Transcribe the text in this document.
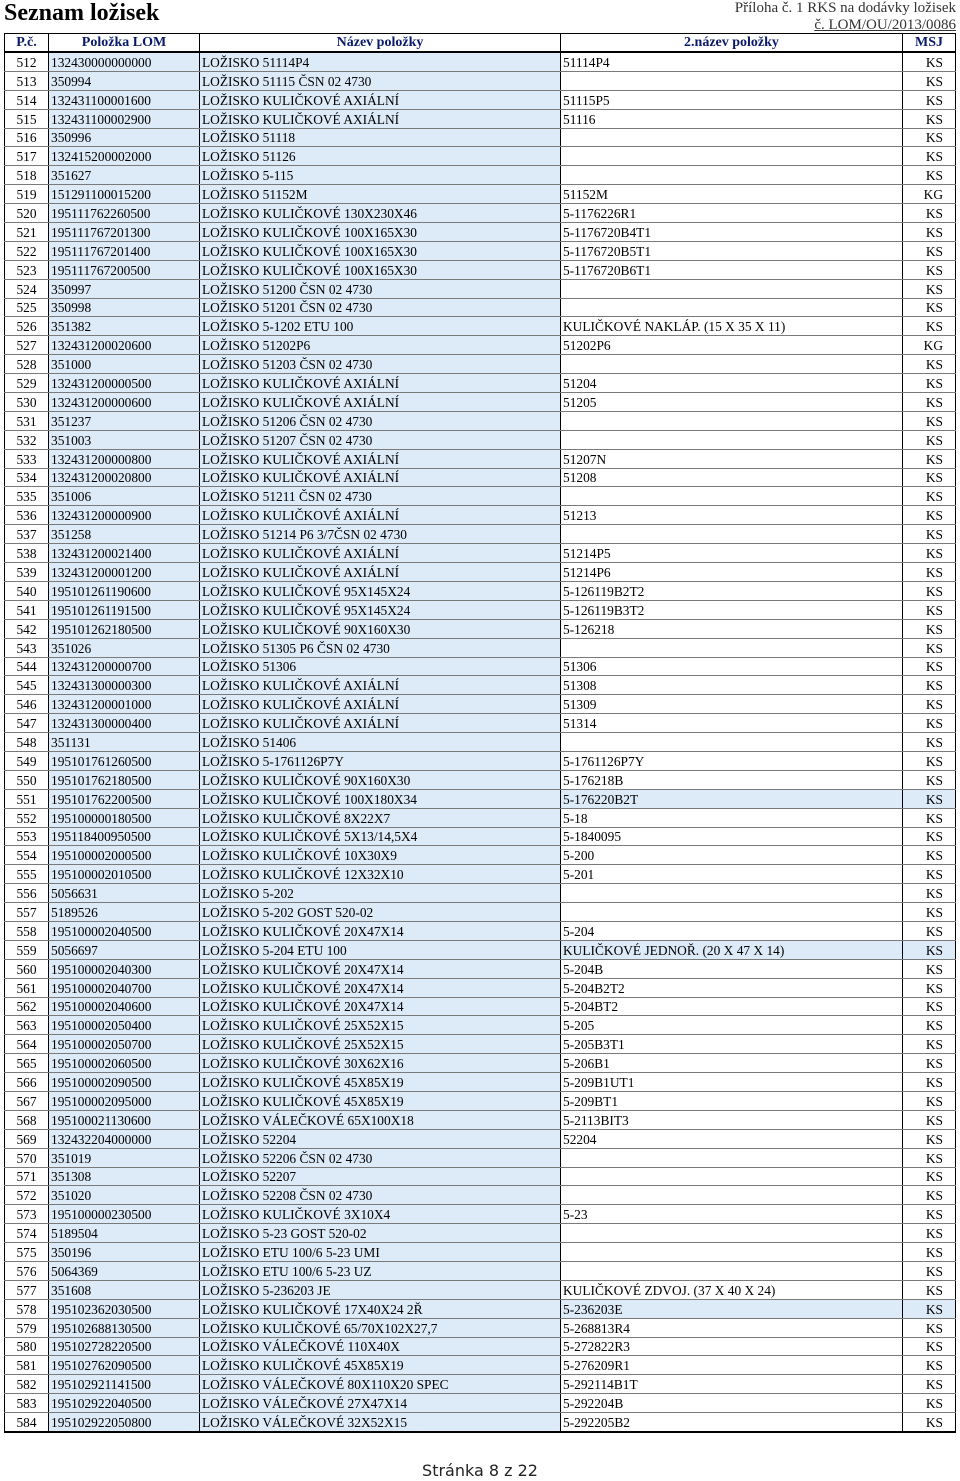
Seznam ložisek	Příloha č. 1 RKS na dodávky ložisek
č. LOM/OU/2013/0086
P.č.	Položka LOM	Název položky	2.název položky	MSJ
512	132430000000000	LOŽISKO 51114P4	51114P4	KS
513	350994	LOŽISKO 51115 ČSN 02 4730		KS
514	132431100001600	LOŽISKO KULIČKOVÉ AXIÁLNÍ	51115P5	KS
515	132431100002900	LOŽISKO KULIČKOVÉ AXIÁLNÍ	51116	KS
516	350996	LOŽISKO 51118		KS
517	132415200002000	LOŽISKO 51126		KS
518	351627	LOŽISKO 5-115		KS
519	151291100015200	LOŽISKO 51152M	51152M	KG
520	195111762260500	LOŽISKO KULIČKOVÉ 130X230X46	5-1176226R1	KS
521	195111767201300	LOŽISKO KULIČKOVÉ 100X165X30	5-1176720B4T1	KS
522	195111767201400	LOŽISKO KULIČKOVÉ 100X165X30	5-1176720B5T1	KS
523	195111767200500	LOŽISKO KULIČKOVÉ 100X165X30	5-1176720B6T1	KS
524	350997	LOŽISKO 51200 ČSN 02 4730		KS
525	350998	LOŽISKO 51201 ČSN 02 4730		KS
526	351382	LOŽISKO 5-1202 ETU 100	KULIČKOVÉ NAKLÁP. (15 X 35 X 11)	KS
527	132431200020600	LOŽISKO 51202P6	51202P6	KG
528	351000	LOŽISKO 51203 ČSN 02 4730		KS
529	132431200000500	LOŽISKO KULIČKOVÉ AXIÁLNÍ	51204	KS
530	132431200000600	LOŽISKO KULIČKOVÉ AXIÁLNÍ	51205	KS
531	351237	LOŽISKO 51206 ČSN 02 4730		KS
532	351003	LOŽISKO 51207 ČSN 02 4730		KS
533	132431200000800	LOŽISKO KULIČKOVÉ AXIÁLNÍ	51207N	KS
534	132431200020800	LOŽISKO KULIČKOVÉ AXIÁLNÍ	51208	KS
535	351006	LOŽISKO 51211 ČSN 02 4730		KS
536	132431200000900	LOŽISKO KULIČKOVÉ AXIÁLNÍ	51213	KS
537	351258	LOŽISKO 51214 P6 3/7ČSN 02 4730		KS
538	132431200021400	LOŽISKO KULIČKOVÉ AXIÁLNÍ	51214P5	KS
539	132431200001200	LOŽISKO KULIČKOVÉ AXIÁLNÍ	51214P6	KS
540	195101261190600	LOŽISKO KULIČKOVÉ 95X145X24	5-126119B2T2	KS
541	195101261191500	LOŽISKO KULIČKOVÉ 95X145X24	5-126119B3T2	KS
542	195101262180500	LOŽISKO KULIČKOVÉ 90X160X30	5-126218	KS
543	351026	LOŽISKO 51305 P6 ČSN 02 4730		KS
544	132431200000700	LOŽISKO 51306	51306	KS
545	132431300000300	LOŽISKO KULIČKOVÉ AXIÁLNÍ	51308	KS
546	132431200001000	LOŽISKO KULIČKOVÉ AXIÁLNÍ	51309	KS
547	132431300000400	LOŽISKO KULIČKOVÉ AXIÁLNÍ	51314	KS
548	351131	LOŽISKO 51406		KS
549	195101761260500	LOŽISKO 5-1761126P7Y	5-1761126P7Y	KS
550	195101762180500	LOŽISKO KULIČKOVÉ 90X160X30	5-176218B	KS
551	195101762200500	LOŽISKO KULIČKOVÉ 100X180X34	5-176220B2T	KS
552	195100000180500	LOŽISKO KULIČKOVÉ 8X22X7	5-18	KS
553	195118400950500	LOŽISKO KULIČKOVÉ 5X13/14,5X4	5-1840095	KS
554	195100002000500	LOŽISKO KULIČKOVÉ 10X30X9	5-200	KS
555	195100002010500	LOŽISKO KULIČKOVÉ 12X32X10	5-201	KS
556	5056631	LOŽISKO 5-202		KS
557	5189526	LOŽISKO 5-202 GOST 520-02		KS
558	195100002040500	LOŽISKO KULIČKOVÉ 20X47X14	5-204	KS
559	5056697	LOŽISKO 5-204 ETU 100	KULIČKOVÉ JEDNOŘ. (20 X 47 X 14)	KS
560	195100002040300	LOŽISKO KULIČKOVÉ 20X47X14	5-204B	KS
561	195100002040700	LOŽISKO KULIČKOVÉ 20X47X14	5-204B2T2	KS
562	195100002040600	LOŽISKO KULIČKOVÉ 20X47X14	5-204BT2	KS
563	195100002050400	LOŽISKO KULIČKOVÉ 25X52X15	5-205	KS
564	195100002050700	LOŽISKO KULIČKOVÉ 25X52X15	5-205B3T1	KS
565	195100002060500	LOŽISKO KULIČKOVÉ 30X62X16	5-206B1	KS
566	195100002090500	LOŽISKO KULIČKOVÉ 45X85X19	5-209B1UT1	KS
567	195100002095000	LOŽISKO KULIČKOVÉ 45X85X19	5-209BT1	KS
568	195100021130600	LOŽISKO VÁLEČKOVÉ 65X100X18	5-2113BIT3	KS
569	132432204000000	LOŽISKO 52204	52204	KS
570	351019	LOŽISKO 52206 ČSN 02 4730		KS
571	351308	LOŽISKO 52207		KS
572	351020	LOŽISKO 52208 ČSN 02 4730		KS
573	195100000230500	LOŽISKO KULIČKOVÉ 3X10X4	5-23	KS
574	5189504	LOŽISKO 5-23 GOST 520-02		KS
575	350196	LOŽISKO ETU 100/6 5-23 UMI		KS
576	5064369	LOŽISKO ETU 100/6 5-23 UZ		KS
577	351608	LOŽISKO 5-236203 JE	KULIČKOVÉ ZDVOJ. (37 X 40 X 24)	KS
578	195102362030500	LOŽISKO KULIČKOVÉ 17X40X24 2Ř	5-236203E	KS
579	195102688130500	LOŽISKO KULIČKOVÉ 65/70X102X27,7	5-268813R4	KS
580	195102728220500	LOŽISKO VÁLEČKOVÉ 110X40X	5-272822R3	KS
581	195102762090500	LOŽISKO KULIČKOVÉ 45X85X19	5-276209R1	KS
582	195102921141500	LOŽISKO VÁLEČKOVÉ 80X110X20 SPEC	5-292114B1T	KS
583	195102922040500	LOŽISKO VÁLEČKOVÉ 27X47X14	5-292204B	KS
584	195102922050800	LOŽISKO VÁLEČKOVÉ 32X52X15	5-292205B2	KS
Stránka 8 z 22
